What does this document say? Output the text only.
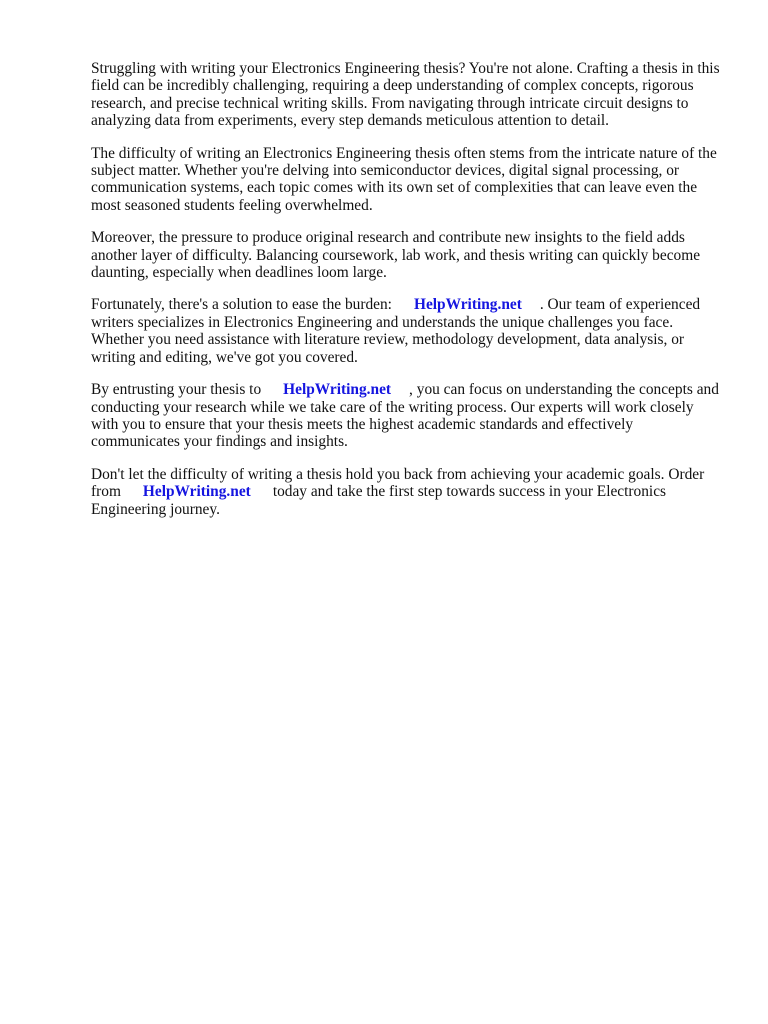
Struggling with writing your Electronics Engineering thesis? You're not alone. Crafting a thesis in this field can be incredibly challenging, requiring a deep understanding of complex concepts, rigorous research, and precise technical writing skills. From navigating through intricate circuit designs to analyzing data from experiments, every step demands meticulous attention to detail.

The difficulty of writing an Electronics Engineering thesis often stems from the intricate nature of the subject matter. Whether you're delving into semiconductor devices, digital signal processing, or communication systems, each topic comes with its own set of complexities that can leave even the most seasoned students feeling overwhelmed.

Moreover, the pressure to produce original research and contribute new insights to the field adds another layer of difficulty. Balancing coursework, lab work, and thesis writing can quickly become daunting, especially when deadlines loom large.

Fortunately, there's a solution to ease the burden: HelpWriting.net . Our team of experienced writers specializes in Electronics Engineering and understands the unique challenges you face. Whether you need assistance with literature review, methodology development, data analysis, or writing and editing, we've got you covered.

By entrusting your thesis to HelpWriting.net , you can focus on understanding the concepts and conducting your research while we take care of the writing process. Our experts will work closely with you to ensure that your thesis meets the highest academic standards and effectively communicates your findings and insights.

Don't let the difficulty of writing a thesis hold you back from achieving your academic goals. Order from HelpWriting.net today and take the first step towards success in your Electronics Engineering journey.
